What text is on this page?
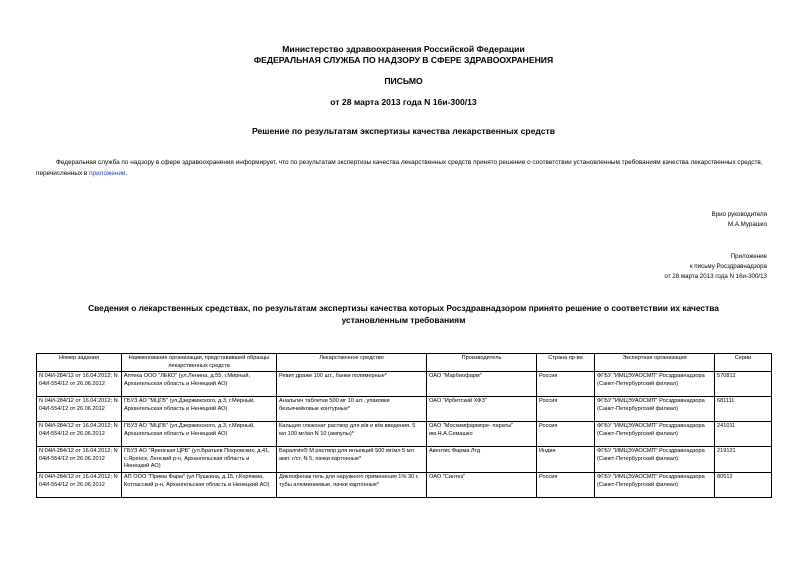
Министерство здравоохранения Российской Федерации
ФЕДЕРАЛЬНАЯ СЛУЖБА ПО НАДЗОРУ В СФЕРЕ ЗДРАВООХРАНЕНИЯ
ПИСЬМО
от 28 марта 2013 года N 16и-300/13
Решение по результатам экспертизы качества лекарственных средств
Федеральная служба по надзору в сфере здравоохранения информирует, что по результатам экспертизы качества лекарственных средств принято решение о соответствии установленным требованиям качества лекарственных средств, перечисленных в приложении.
Врио руководителя
М.А.Мурашко
Приложение
к письму Росздравнадзора
от 28 марта 2013 года N 16и-300/13
Сведения о лекарственных средствах, по результатам экспертизы качества которых Росздравнадзором принято решение о соответствии их качества
установленным требованиям
Номер задания	Наименование организации, представившей образцы лекарственных средств	Лекарственное средство	Производитель	Страна пр-ва	Экспертная организация	Серии
N 04И-284/12 от 16.04.2012; N 04И-554/12 от 26.06.2012	Аптека ООО "ЛЕКО" (ул.Ленина, д.55, г.Мирный, Архангельская область и Ненецкий АО)	Ревит драже 100 шт., банки полимерные*	ОАО "Марбиофарм"	Россия	ФГБУ "ИМЦЭУАОСМП" Росздравнадзора (Санкт-Петербургский филиал)	570812
N 04И-284/12 от 16.04.2012; N 04И-554/12 от 26.06.2012	ГБУЗ АО "МЦГБ" (ул.Дзержинского, д.3, г.Мирный, Архангельская область и Ненецкий АО)	Анальгин таблетки 500 мг 10 шт., упаковки безъячейковые контурные*	ОАО "Ирбитский ХФЗ"	Россия	ФГБУ "ИМЦЭУАОСМП" Росздравнадзора (Санкт-Петербургский филиал)	681111
N 04И-284/12 от 16.04.2012; N 04И-554/12 от 26.06.2012	ГБУЗ АО "МЦГБ" (ул.Дзержинского, д.3, г.Мирный, Архангельская область и Ненецкий АО)	Кальция глюконат раствор для в/в и в/м введения, 5 мл 100 мг/мл N 10 (ампулы)*	ОАО "Мосхимфармпре- параты" им.Н.А.Семашко	Россия	ФГБУ "ИМЦЭУАОСМП" Росздравнадзора (Санкт-Петербургский филиал)	241011
N 04И-284/12 от 16.04.2012; N 04И-554/12 от 26.06.2012	ГБУЗ АО "Яренская ЦРБ" (ул.Братьев Покровских, д.41, с.Яренск, Ленский р-н, Архангельская область и Ненецкий АО)	Баралгин® М раствор для инъекций 500 мг/мл 5 мл амп. г/ст. N 5, пачки картонные*	Авентис Фарма Лтд	Индия	ФГБУ "ИМЦЭУАОСМП" Росздравнадзора (Санкт-Петербургский филиал)	219121
N 04И-284/12 от 16.04.2012; N 04И-554/12 от 26.06.2012	АП ООО "Прима Фарм" (ул Пушкина, д.15, г.Коряжма, Котласский р-н, Архангельская область и Ненецкий АО)	Диклофенак гель для наружного применения 1% 30 г, тубы алюминиевые, пачки картонные*	ОАО "Синтез"	Россия	ФГБУ "ИМЦЭУАОСМП" Росздравнадзора (Санкт-Петербургский филиал)	80512
